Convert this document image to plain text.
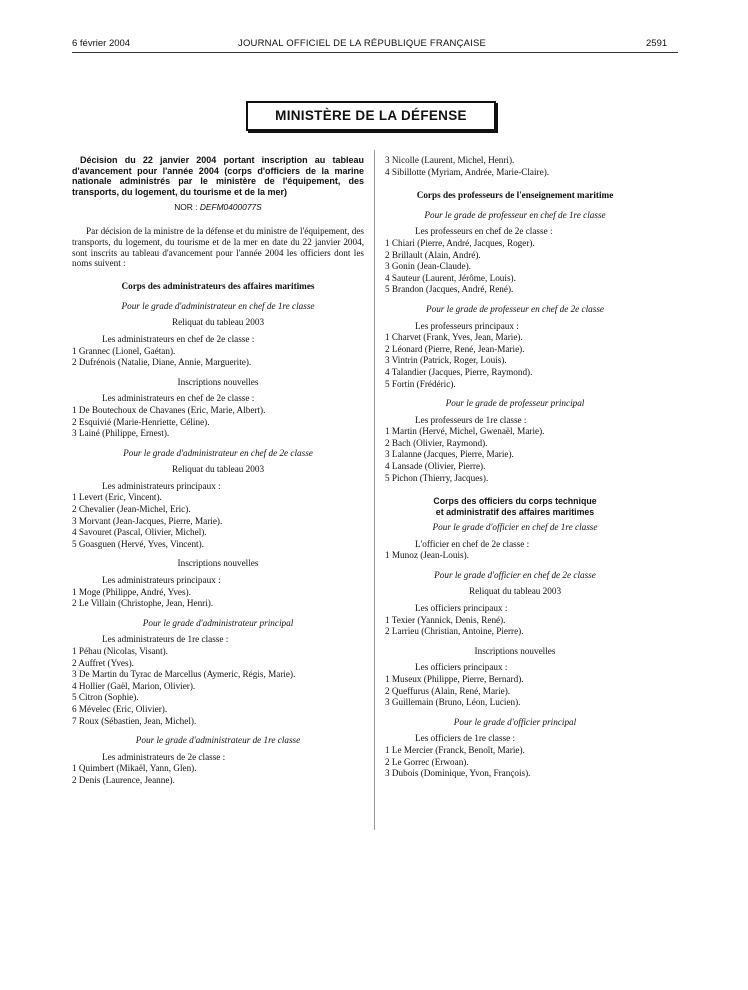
6 février 2004	JOURNAL OFFICIEL DE LA RÉPUBLIQUE FRANÇAISE	2591
MINISTÈRE DE LA DÉFENSE

Décision du 22 janvier 2004 portant inscription au tableau d'avancement pour l'année 2004 (corps d'officiers de la marine nationale administrés par le ministère de l'équipement, des transports, du logement, du tourisme et de la mer)

NOR : DEFM0400077S

Par décision de la ministre de la défense et du ministre de l'équipement, des transports, du logement, du tourisme et de la mer en date du 22 janvier 2004, sont inscrits au tableau d'avancement pour l'année 2004 les officiers dont les noms suivent :

Corps des administrateurs des affaires maritimes
Pour le grade d'administrateur en chef de 1re classe
Reliquat du tableau 2003
Les administrateurs en chef de 2e classe :
1 Grannec (Lionel, Gaétan).
2 Dufrénois (Natalie, Diane, Annie, Marguerite).
Inscriptions nouvelles
Les administrateurs en chef de 2e classe :
1 De Boutechoux de Chavanes (Eric, Marie, Albert).
2 Esquivié (Marie-Henriette, Céline).
3 Lainé (Philippe, Ernest).
Pour le grade d'administrateur en chef de 2e classe
Reliquat du tableau 2003
Les administrateurs principaux :
1 Levert (Eric, Vincent).
2 Chevalier (Jean-Michel, Eric).
3 Morvant (Jean-Jacques, Pierre, Marie).
4 Savouret (Pascal, Olivier, Michel).
5 Goasguen (Hervé, Yves, Vincent).
Inscriptions nouvelles
Les administrateurs principaux :
1 Moge (Philippe, André, Yves).
2 Le Villain (Christophe, Jean, Henri).
Pour le grade d'administrateur principal
Les administrateurs de 1re classe :
1 Péhau (Nicolas, Visant).
2 Auffret (Yves).
3 De Martin du Tyrac de Marcellus (Aymeric, Régis, Marie).
4 Hollier (Gaël, Marion, Olivier).
5 Citron (Sophie).
6 Mévelec (Eric, Olivier).
7 Roux (Sébastien, Jean, Michel).
Pour le grade d'administrateur de 1re classe
Les administrateurs de 2e classe :
1 Quimbert (Mikaël, Yann, Glen).
2 Denis (Laurence, Jeanne).
3 Nicolle (Laurent, Michel, Henri).
4 Sibillotte (Myriam, Andrée, Marie-Claire).
Corps des professeurs de l'enseignement maritime
Pour le grade de professeur en chef de 1re classe
Les professeurs en chef de 2e classe :
1 Chiari (Pierre, André, Jacques, Roger).
2 Brillault (Alain, André).
3 Gonin (Jean-Claude).
4 Sauteur (Laurent, Jérôme, Louis).
5 Brandon (Jacques, André, René).
Pour le grade de professeur en chef de 2e classe
Les professeurs principaux :
1 Charvet (Frank, Yves, Jean, Marie).
2 Léonard (Pierre, René, Jean-Marie).
3 Vintrin (Patrick, Roger, Louis).
4 Talandier (Jacques, Pierre, Raymond).
5 Fortin (Frédéric).
Pour le grade de professeur principal
Les professeurs de 1re classe :
1 Martin (Hervé, Michel, Gwenaël, Marie).
2 Bach (Olivier, Raymond).
3 Lalanne (Jacques, Pierre, Marie).
4 Lansade (Olivier, Pierre).
5 Pichon (Thierry, Jacques).
Corps des officiers du corps technique
et administratif des affaires maritimes
Pour le grade d'officier en chef de 1re classe
L'officier en chef de 2e classe :
1 Munoz (Jean-Louis).
Pour le grade d'officier en chef de 2e classe
Reliquat du tableau 2003
Les officiers principaux :
1 Texier (Yannick, Denis, René).
2 Larrieu (Christian, Antoine, Pierre).
Inscriptions nouvelles
Les officiers principaux :
1 Museux (Philippe, Pierre, Bernard).
2 Queffurus (Alain, René, Marie).
3 Guillemain (Bruno, Léon, Lucien).
Pour le grade d'officier principal
Les officiers de 1re classe :
1 Le Mercier (Franck, Benoît, Marie).
2 Le Gorrec (Erwoan).
3 Dubois (Dominique, Yvon, François).
